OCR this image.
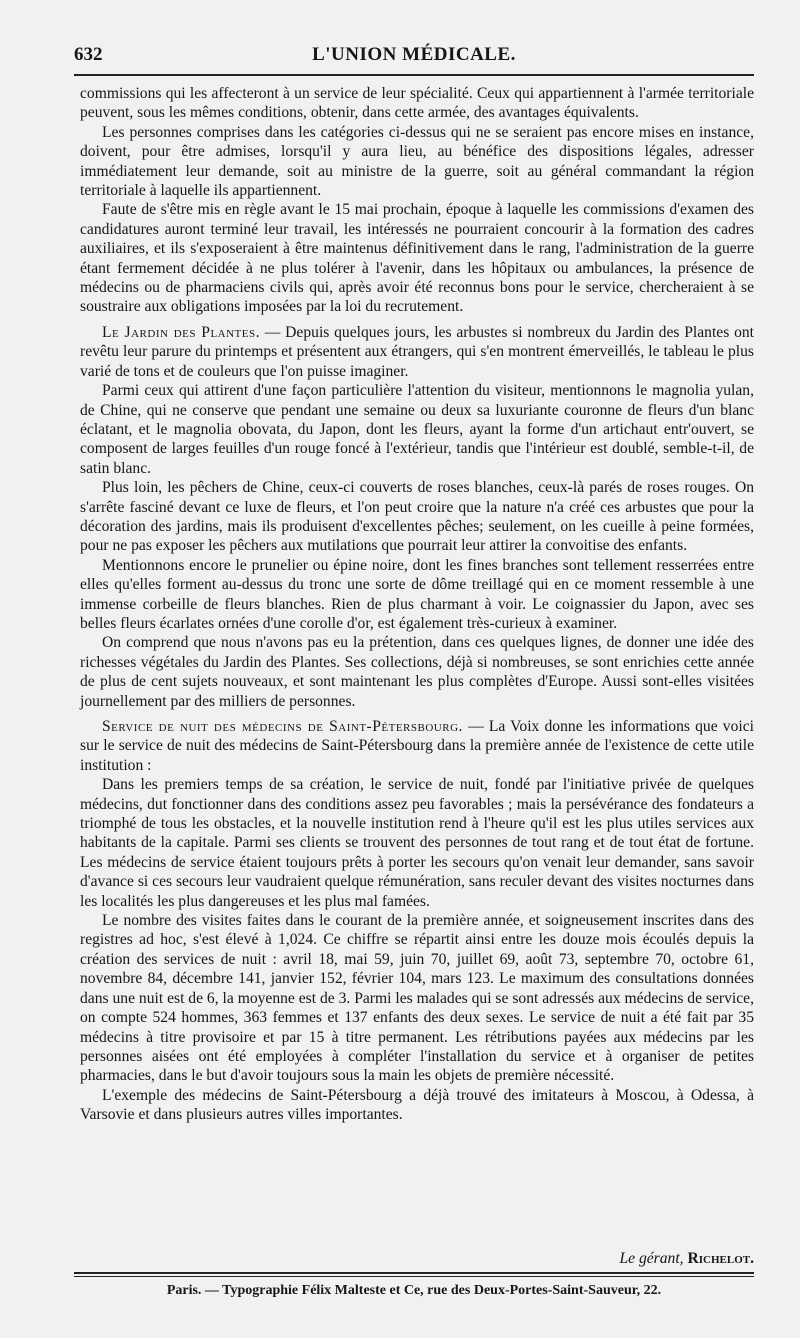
632	L'UNION MÉDICALE.

commissions qui les affecteront à un service de leur spécialité. Ceux qui appartiennent à l'armée territoriale peuvent, sous les mêmes conditions, obtenir, dans cette armée, des avantages équivalents.

Les personnes comprises dans les catégories ci-dessus qui ne se seraient pas encore mises en instance, doivent, pour être admises, lorsqu'il y aura lieu, au bénéfice des dispositions légales, adresser immédiatement leur demande, soit au ministre de la guerre, soit au général commandant la région territoriale à laquelle ils appartiennent.

Faute de s'être mis en règle avant le 15 mai prochain, époque à laquelle les commissions d'examen des candidatures auront terminé leur travail, les intéressés ne pourraient concourir à la formation des cadres auxiliaires, et ils s'exposeraient à être maintenus définitivement dans le rang, l'administration de la guerre étant fermement décidée à ne plus tolérer à l'avenir, dans les hôpitaux ou ambulances, la présence de médecins ou de pharmaciens civils qui, après avoir été reconnus bons pour le service, chercheraient à se soustraire aux obligations imposées par la loi du recrutement.

Le Jardin des Plantes. — Depuis quelques jours, les arbustes si nombreux du Jardin des Plantes ont revêtu leur parure du printemps et présentent aux étrangers, qui s'en montrent émerveillés, le tableau le plus varié de tons et de couleurs que l'on puisse imaginer.

Parmi ceux qui attirent d'une façon particulière l'attention du visiteur, mentionnons le magnolia yulan, de Chine, qui ne conserve que pendant une semaine ou deux sa luxuriante couronne de fleurs d'un blanc éclatant, et le magnolia obovata, du Japon, dont les fleurs, ayant la forme d'un artichaut entr'ouvert, se composent de larges feuilles d'un rouge foncé à l'extérieur, tandis que l'intérieur est doublé, semble-t-il, de satin blanc.

Plus loin, les pêchers de Chine, ceux-ci couverts de roses blanches, ceux-là parés de roses rouges. On s'arrête fasciné devant ce luxe de fleurs, et l'on peut croire que la nature n'a créé ces arbustes que pour la décoration des jardins, mais ils produisent d'excellentes pêches; seulement, on les cueille à peine formées, pour ne pas exposer les pêchers aux mutilations que pourrait leur attirer la convoitise des enfants.

Mentionnons encore le prunelier ou épine noire, dont les fines branches sont tellement resserrées entre elles qu'elles forment au-dessus du tronc une sorte de dôme treillagé qui en ce moment ressemble à une immense corbeille de fleurs blanches. Rien de plus charmant à voir. Le coignassier du Japon, avec ses belles fleurs écarlates ornées d'une corolle d'or, est également très-curieux à examiner.

On comprend que nous n'avons pas eu la prétention, dans ces quelques lignes, de donner une idée des richesses végétales du Jardin des Plantes. Ses collections, déjà si nombreuses, se sont enrichies cette année de plus de cent sujets nouveaux, et sont maintenant les plus complètes d'Europe. Aussi sont-elles visitées journellement par des milliers de personnes.

Service de nuit des médecins de Saint-Pétersbourg. — La Voix donne les informations que voici sur le service de nuit des médecins de Saint-Pétersbourg dans la première année de l'existence de cette utile institution :

Dans les premiers temps de sa création, le service de nuit, fondé par l'initiative privée de quelques médecins, dut fonctionner dans des conditions assez peu favorables ; mais la persévérance des fondateurs a triomphé de tous les obstacles, et la nouvelle institution rend à l'heure qu'il est les plus utiles services aux habitants de la capitale. Parmi ses clients se trouvent des personnes de tout rang et de tout état de fortune. Les médecins de service étaient toujours prêts à porter les secours qu'on venait leur demander, sans savoir d'avance si ces secours leur vaudraient quelque rémunération, sans reculer devant des visites nocturnes dans les localités les plus dangereuses et les plus mal famées.

Le nombre des visites faites dans le courant de la première année, et soigneusement inscrites dans des registres ad hoc, s'est élevé à 1,024. Ce chiffre se répartit ainsi entre les douze mois écoulés depuis la création des services de nuit : avril 18, mai 59, juin 70, juillet 69, août 73, septembre 70, octobre 61, novembre 84, décembre 141, janvier 152, février 104, mars 123. Le maximum des consultations données dans une nuit est de 6, la moyenne est de 3. Parmi les malades qui se sont adressés aux médecins de service, on compte 524 hommes, 363 femmes et 137 enfants des deux sexes. Le service de nuit a été fait par 35 médecins à titre provisoire et par 15 à titre permanent. Les rétributions payées aux médecins par les personnes aisées ont été employées à compléter l'installation du service et à organiser de petites pharmacies, dans le but d'avoir toujours sous la main les objets de première nécessité.

L'exemple des médecins de Saint-Pétersbourg a déjà trouvé des imitateurs à Moscou, à Odessa, à Varsovie et dans plusieurs autres villes importantes.

Le gérant, Richelot.
Paris. — Typographie Félix Malteste et Ce, rue des Deux-Portes-Saint-Sauveur, 22.
